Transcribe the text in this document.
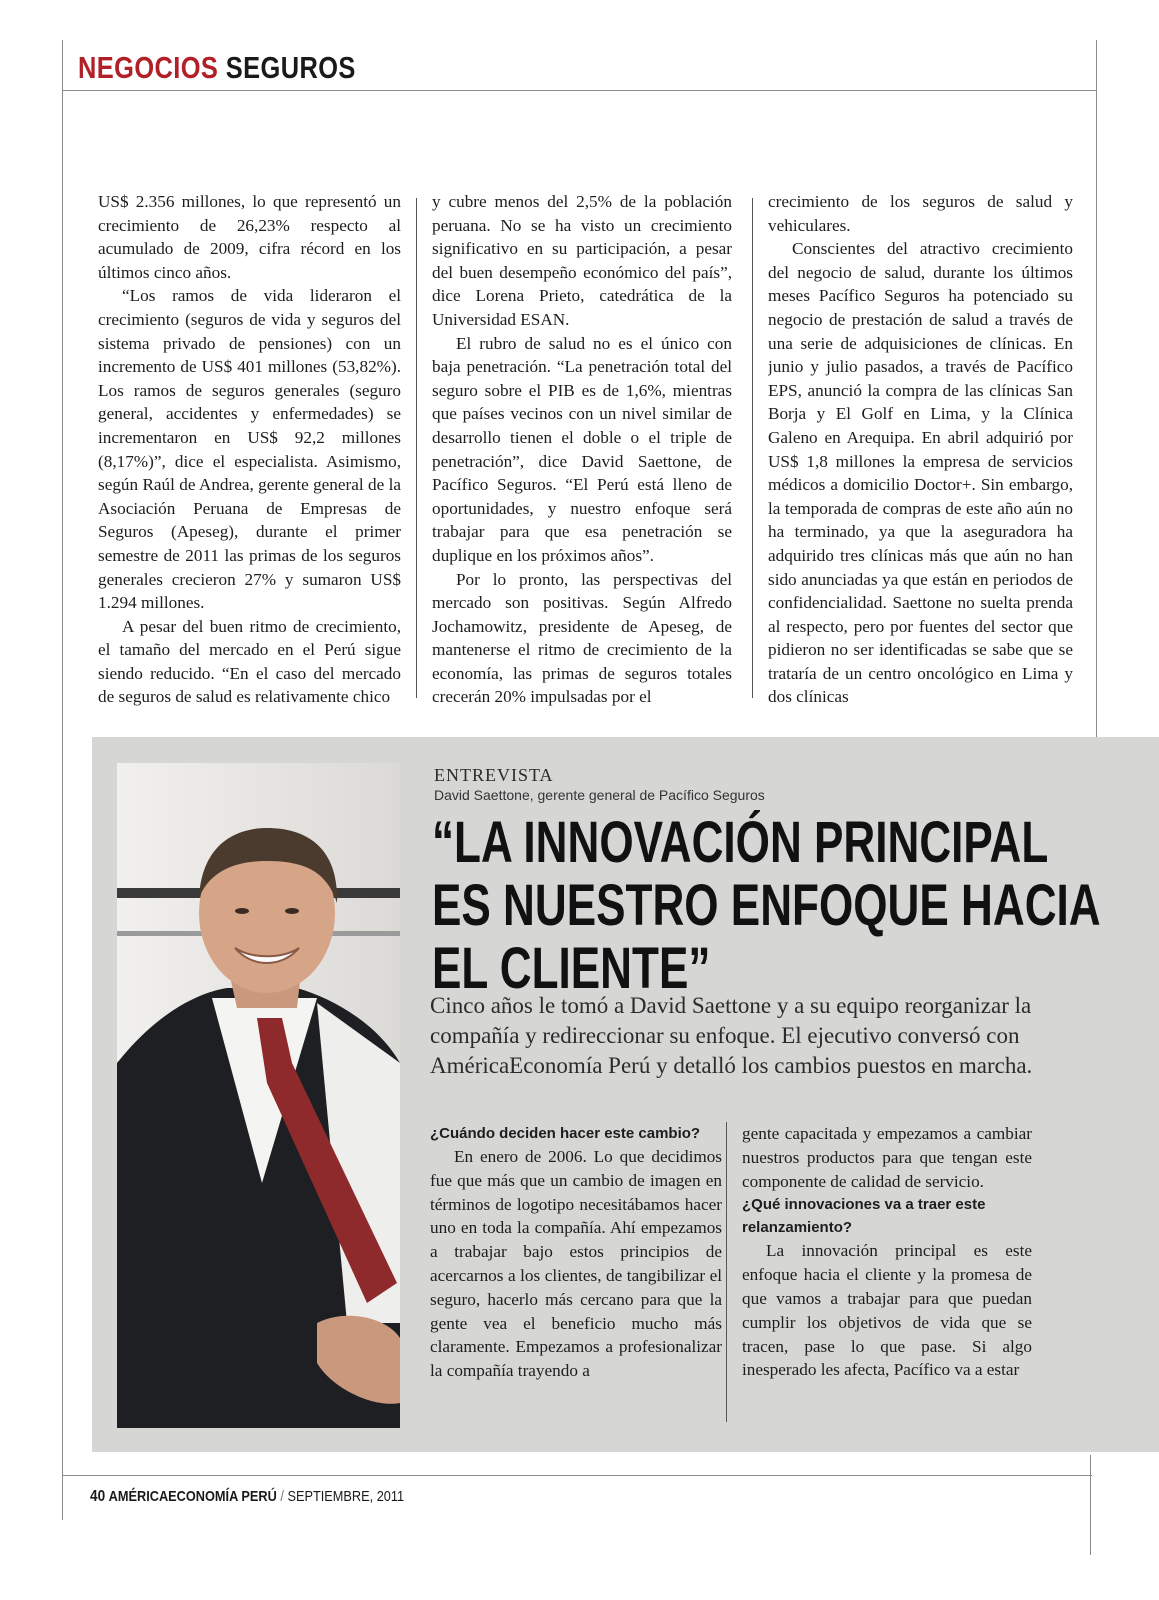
NEGOCIOS SEGUROS

US$ 2.356 millones, lo que representó un crecimiento de 26,23% respecto al acumulado de 2009, cifra récord en los últimos cinco años.

“Los ramos de vida lideraron el crecimiento (seguros de vida y seguros del sistema privado de pensiones) con un incremento de US$ 401 millones (53,82%). Los ramos de seguros generales (seguro general, accidentes y enfermedades) se incrementaron en US$ 92,2 millones (8,17%)”, dice el especialista. Asimismo, según Raúl de Andrea, gerente general de la Asociación Peruana de Empresas de Seguros (Apeseg), durante el primer semestre de 2011 las primas de los seguros generales crecieron 27% y sumaron US$ 1.294 millones.

A pesar del buen ritmo de crecimiento, el tamaño del mercado en el Perú sigue siendo reducido. “En el caso del mercado de seguros de salud es relativamente chico

y cubre menos del 2,5% de la población peruana. No se ha visto un crecimiento significativo en su participación, a pesar del buen desempeño económico del país”, dice Lorena Prieto, catedrática de la Universidad ESAN.

El rubro de salud no es el único con baja penetración. “La penetración total del seguro sobre el PIB es de 1,6%, mientras que países vecinos con un nivel similar de desarrollo tienen el doble o el triple de penetración”, dice David Saettone, de Pacífico Seguros. “El Perú está lleno de oportunidades, y nuestro enfoque será trabajar para que esa penetración se duplique en los próximos años”.

Por lo pronto, las perspectivas del mercado son positivas. Según Alfredo Jochamowitz, presidente de Apeseg, de mantenerse el ritmo de crecimiento de la economía, las primas de seguros totales crecerán 20% impulsadas por el

crecimiento de los seguros de salud y vehiculares.

Conscientes del atractivo crecimiento del negocio de salud, durante los últimos meses Pacífico Seguros ha potenciado su negocio de prestación de salud a través de una serie de adquisiciones de clínicas. En junio y julio pasados, a través de Pacífico EPS, anunció la compra de las clínicas San Borja y El Golf en Lima, y la Clínica Galeno en Arequipa. En abril adquirió por US$ 1,8 millones la empresa de servicios médicos a domicilio Doctor+. Sin embargo, la temporada de compras de este año aún no ha terminado, ya que la aseguradora ha adquirido tres clínicas más que aún no han sido anunciadas ya que están en periodos de confidencialidad. Saettone no suelta prenda al respecto, pero por fuentes del sector que pidieron no ser identificadas se sabe que se trataría de un centro oncológico en Lima y dos clínicas

ENTREVISTA
David Saettone, gerente general de Pacífico Seguros
“LA INNOVACIÓN PRINCIPAL ES NUESTRO ENFOQUE HACIA EL CLIENTE”
Cinco años le tomó a David Saettone y a su equipo reorganizar la compañía y redireccionar su enfoque. El ejecutivo conversó con AméricaEconomía Perú y detalló los cambios puestos en marcha.

¿Cuándo deciden hacer este cambio?

En enero de 2006. Lo que decidimos fue que más que un cambio de imagen en términos de logotipo necesitábamos hacer uno en toda la compañía. Ahí empezamos a trabajar bajo estos principios de acercarnos a los clientes, de tangibilizar el seguro, hacerlo más cercano para que la gente vea el beneficio mucho más claramente. Empezamos a profesionalizar la compañía trayendo a

gente capacitada y empezamos a cambiar nuestros productos para que tengan este componente de calidad de servicio.

¿Qué innovaciones va a traer este relanzamiento?

La innovación principal es este enfoque hacia el cliente y la promesa de que vamos a trabajar para que puedan cumplir los objetivos de vida que se tracen, pase lo que pase. Si algo inesperado les afecta, Pacífico va a estar

40 AMÉRICAECONOMÍA PERÚ / SEPTIEMBRE, 2011
